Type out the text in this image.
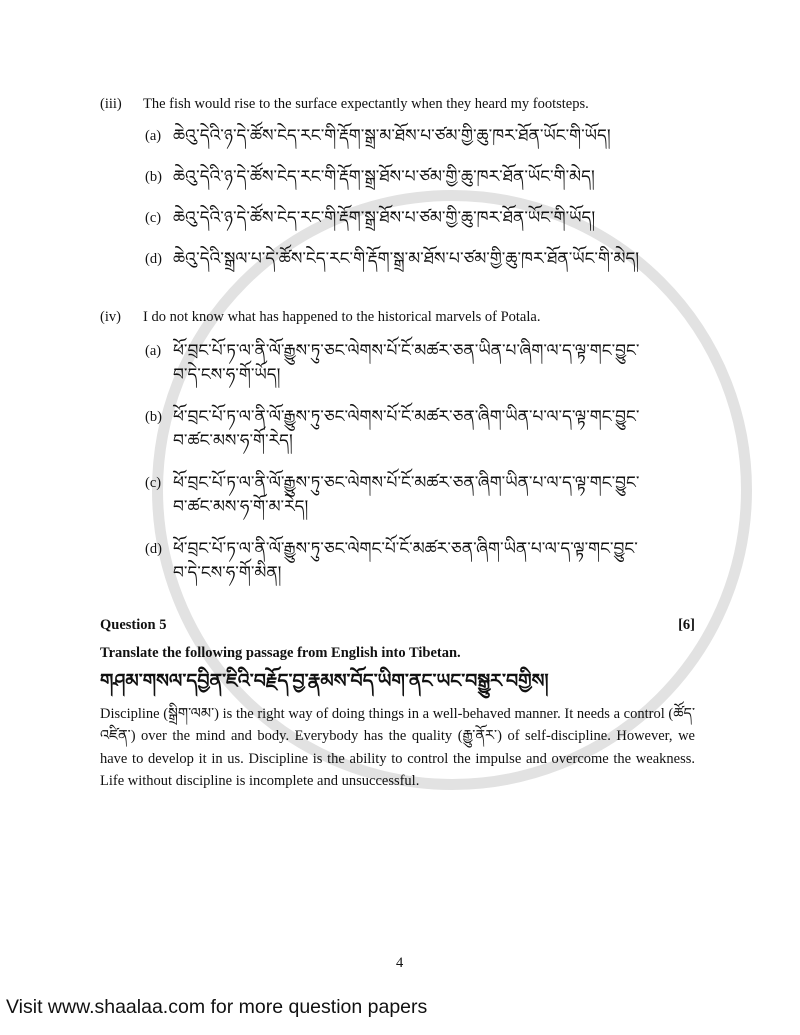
(iii)	The fish would rise to the surface expectantly when they heard my footsteps.
(a) ཆེའུ་དེའི་ཉ་དེ་ཚོས་ངེད་རང་གི་རྡོག་སྒྲ་མ་ཐོས་པ་ཙམ་གྱི་ཆུ་ཁར་ཐོན་ཡོང་གི་ཡོད།
(b) ཆེའུ་དེའི་ཉ་དེ་ཚོས་ངེད་རང་གི་རྡོག་སྒྲ་ཐོས་པ་ཙམ་གྱི་ཆུ་ཁར་ཐོན་ཡོང་གི་མེད།
(c) ཆེའུ་དེའི་ཉ་དེ་ཚོས་ངེད་རང་གི་རྡོག་སྒྲ་ཐོས་པ་ཙམ་གྱི་ཆུ་ཁར་ཐོན་ཡོང་གི་ཡོད།
(d) ཆེའུ་དེའི་སྒྲལ་པ་དེ་ཚོས་ངེད་རང་གི་རྡོག་སྒྲ་མ་ཐོས་པ་ཙམ་གྱི་ཆུ་ཁར་ཐོན་ཡོང་གི་མེད།
(iv)	I do not know what has happened to the historical marvels of Potala.
(a) ཕོ་བྲང་པོ་ཏ་ལ་ནི་ལོ་རྒྱུས་ཏུ་ཅང་ལེགས་པོ་ངོ་མཚར་ཅན་ཡིན་པ་ཞིག་ལ་ད་ལྟ་གང་བྱུང་
བ་དེ་ངས་ཧ་གོ་ཡོད།
(b) ཕོ་བྲང་པོ་ཏ་ལ་ནི་ལོ་རྒྱུས་ཏུ་ཅང་ལེགས་པོ་ངོ་མཚར་ཅན་ཞིག་ཡིན་པ་ལ་ད་ལྟ་གང་བྱུང་
བ་ཚང་མས་ཧ་གོ་རེད།
(c) ཕོ་བྲང་པོ་ཏ་ལ་ནི་ལོ་རྒྱུས་ཏུ་ཅང་ལེགས་པོ་ངོ་མཚར་ཅན་ཞིག་ཡིན་པ་ལ་ད་ལྟ་གང་བྱུང་
བ་ཚང་མས་ཧ་གོ་མ་རེད།
(d) ཕོ་བྲང་པོ་ཏ་ལ་ནི་ལོ་རྒྱུས་ཏུ་ཅང་ལེགང་པོ་ངོ་མཚར་ཅན་ཞིག་ཡིན་པ་ལ་ད་ལྟ་གང་བྱུང་
བ་དེ་ངས་ཧ་གོ་མིན།
Question 5	[6]
Translate the following passage from English into Tibetan.
གཤམ་གསལ་དབྱིན་ཇིའི་བརྗོད་བྱ་རྣམས་བོད་ཡིག་ནང་ཡང་བསྒྱུར་བགྱིས།
Discipline (སྒྲིག་ལམ་) is the right way of doing things in a well-behaved manner. It needs a control (ཚོད་འཛིན་) over the mind and body. Everybody has the quality (རྒྱུ་ནོར་) of self-discipline. However, we have to develop it in us. Discipline is the ability to control the impulse and overcome the weakness. Life without discipline is incomplete and unsuccessful.
4
Visit www.shaalaa.com for more question papers
